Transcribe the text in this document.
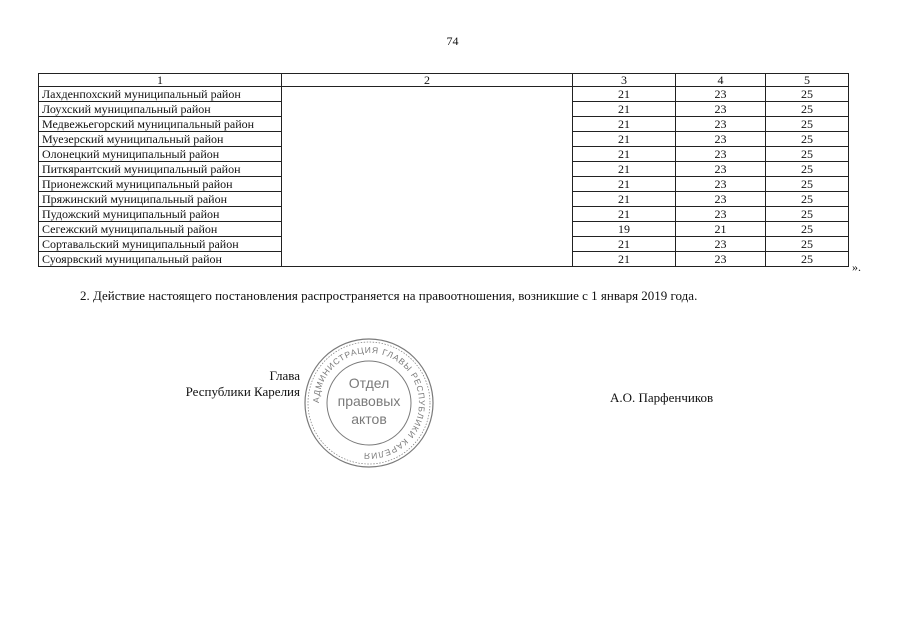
74
1	2	3	4	5
Лахденпохский муниципальный район		21	23	25
Лоухский муниципальный район		21	23	25
Медвежьегорский муниципальный район		21	23	25
Муезерский муниципальный район		21	23	25
Олонецкий муниципальный район		21	23	25
Питкярантский муниципальный район		21	23	25
Прионежский муниципальный район		21	23	25
Пряжинский муниципальный район		21	23	25
Пудожский муниципальный район		21	23	25
Сегежский муниципальный район		19	21	25
Сортавальский муниципальный район		21	23	25
Суоярвский муниципальный район		21	23	25
».
2. Действие настоящего постановления распространяется на правоотношения, возникшие с 1 января 2019 года.
Глава
Республики Карелия
АДМИНИСТРАЦИЯ ГЛАВЫ РЕСПУБЛИКИ КАРЕЛИЯ
Отдел
правовых
актов
А.О. Парфенчиков
